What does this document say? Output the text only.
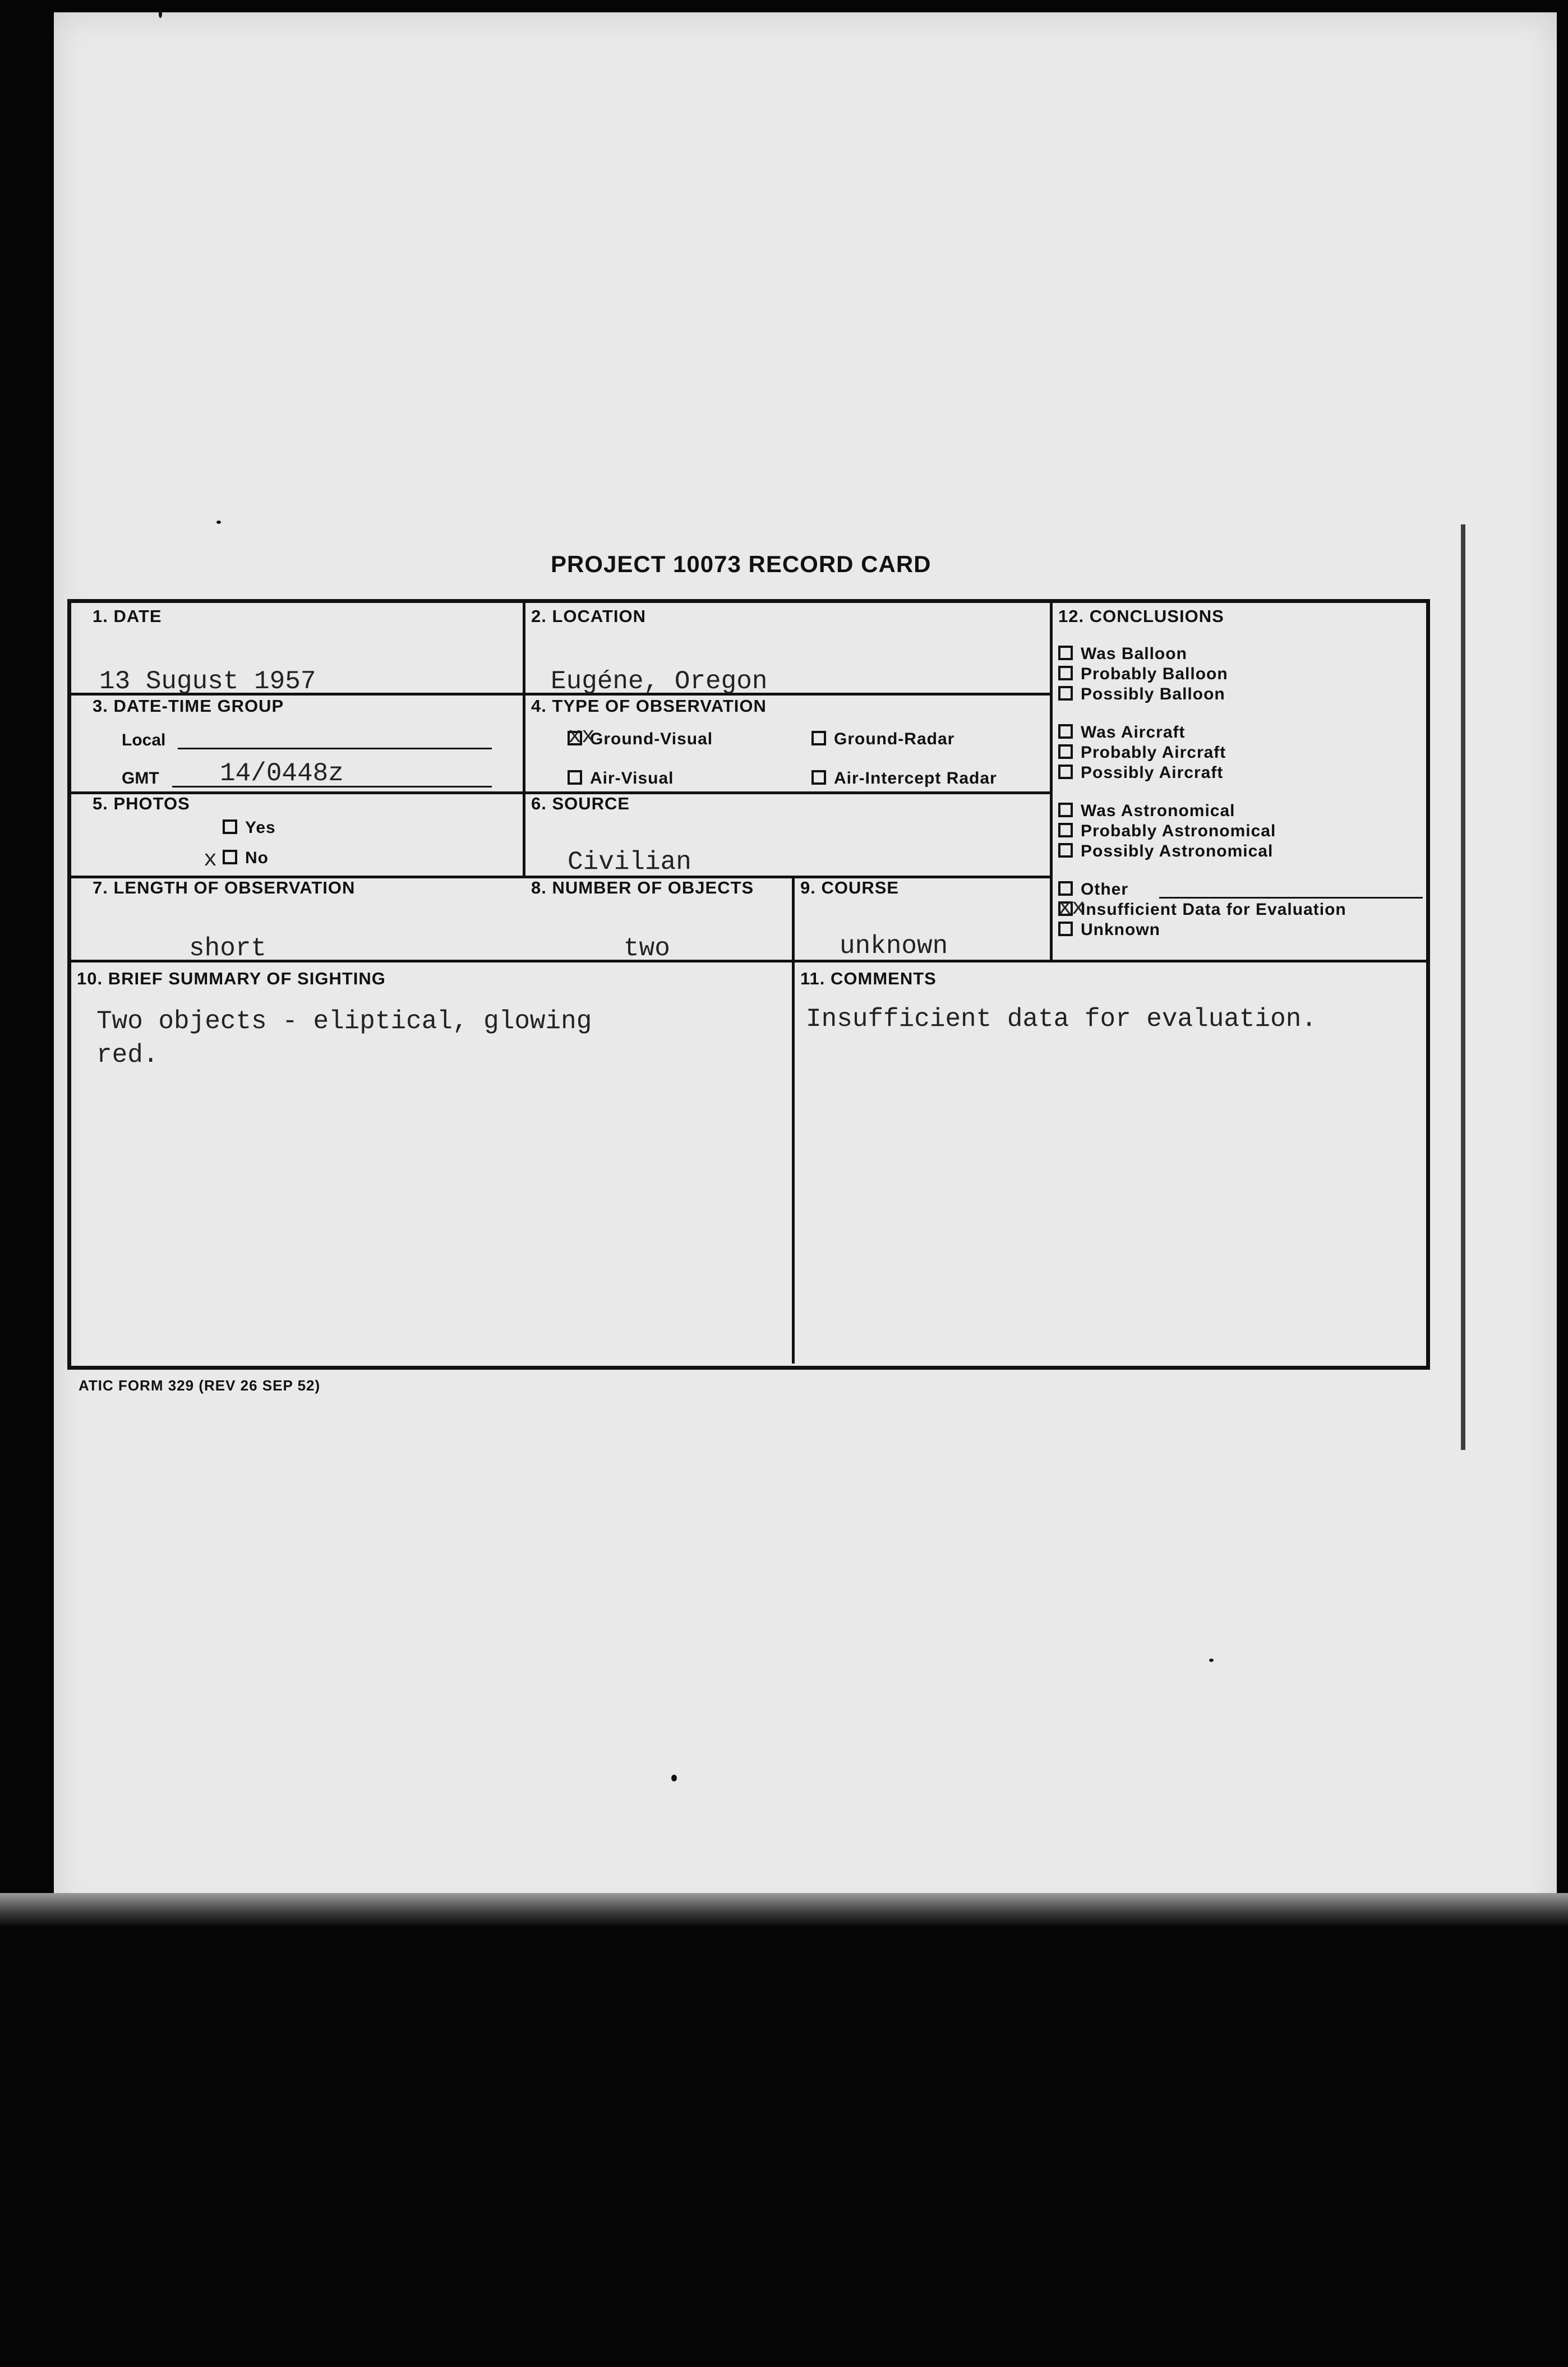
PROJECT 10073 RECORD CARD
1. DATE
13 Sugust 1957
2. LOCATION
Eugéne, Oregon
3. DATE-TIME GROUP
Local
GMT 14/0448z
4. TYPE OF OBSERVATION
Ground-Visual
xx	Ground-Radar
Air-Visual	Air-Intercept Radar
5. PHOTOS
Yes
No
x
6. SOURCE
Civilian
7. LENGTH OF OBSERVATION
short
8. NUMBER OF OBJECTS
two
9. COURSE
unknown
10. BRIEF SUMMARY OF SIGHTING
Two objects - eliptical, glowing
red.
11. COMMENTS
Insufficient data for evaluation.
12. CONCLUSIONS
Was Balloon
Probably Balloon
Possibly Balloon
Was Aircraft
Probably Aircraft
Possibly Aircraft
Was Astronomical
Probably Astronomical
Possibly Astronomical
Other
Insufficient Data for Evaluation
xx
Unknown
ATIC FORM 329 (REV 26 SEP 52)
